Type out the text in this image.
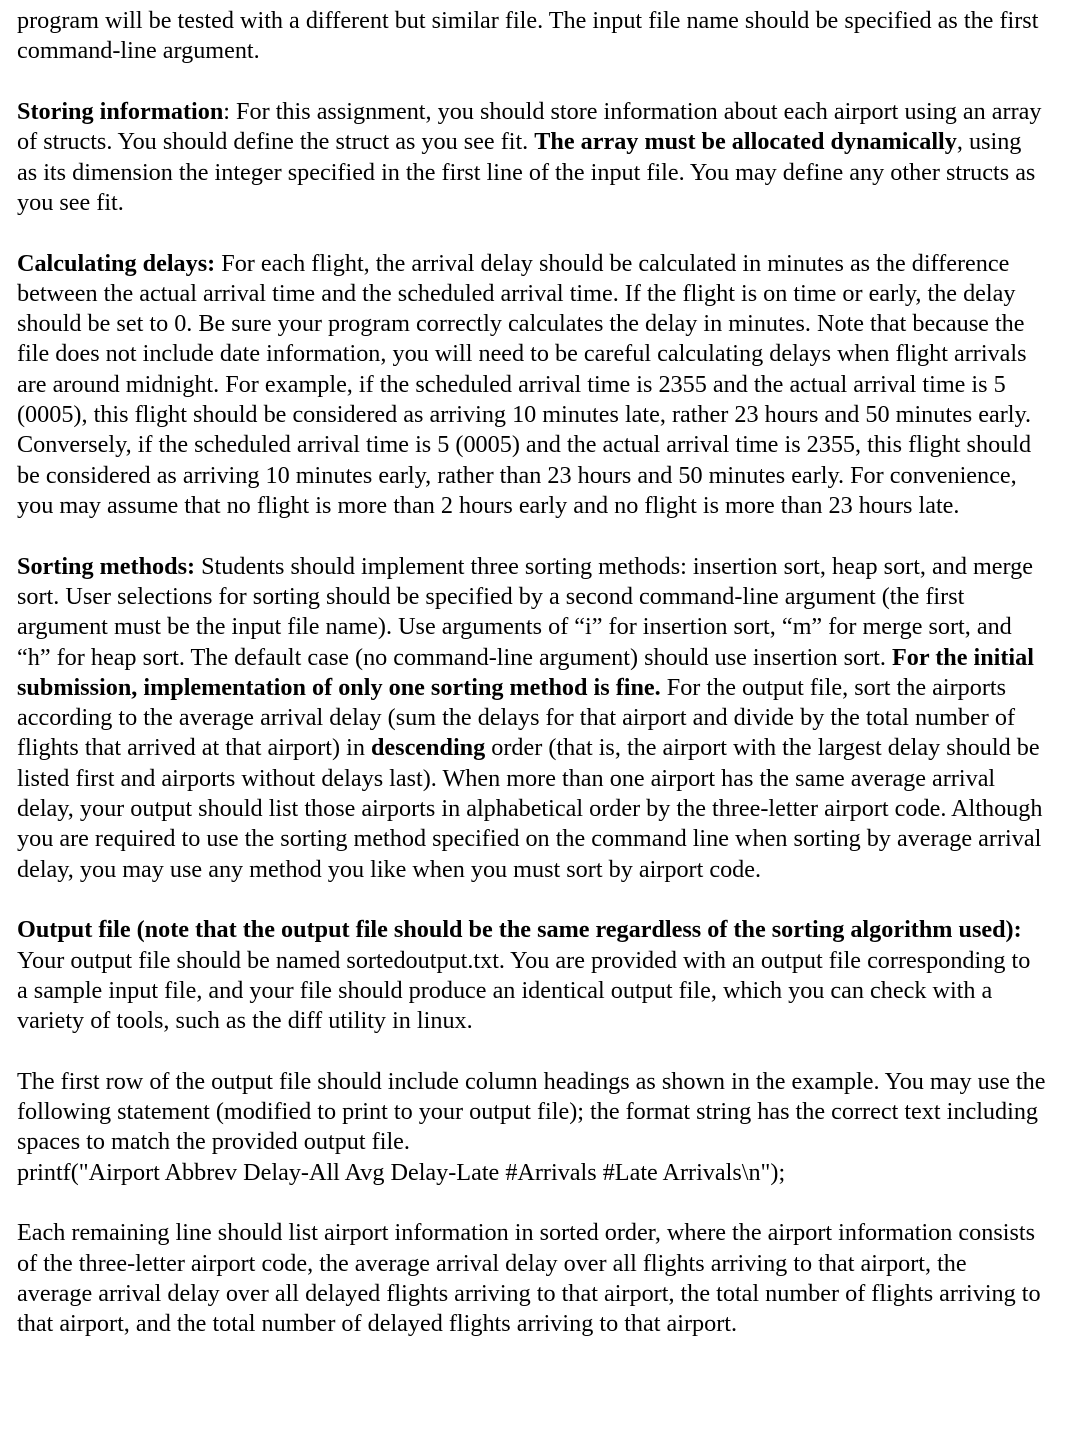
program will be tested with a different but similar file. The input file name should be specified as the first command-line argument.

Storing information: For this assignment, you should store information about each airport using an array of structs. You should define the struct as you see fit. The array must be allocated dynamically, using as its dimension the integer specified in the first line of the input file. You may define any other structs as you see fit.

Calculating delays: For each flight, the arrival delay should be calculated in minutes as the difference between the actual arrival time and the scheduled arrival time. If the flight is on time or early, the delay should be set to 0. Be sure your program correctly calculates the delay in minutes. Note that because the file does not include date information, you will need to be careful calculating delays when flight arrivals are around midnight. For example, if the scheduled arrival time is 2355 and the actual arrival time is 5 (0005), this flight should be considered as arriving 10 minutes late, rather 23 hours and 50 minutes early. Conversely, if the scheduled arrival time is 5 (0005) and the actual arrival time is 2355, this flight should be considered as arriving 10 minutes early, rather than 23 hours and 50 minutes early. For convenience, you may assume that no flight is more than 2 hours early and no flight is more than 23 hours late.

Sorting methods: Students should implement three sorting methods: insertion sort, heap sort, and merge sort. User selections for sorting should be specified by a second command-line argument (the first argument must be the input file name). Use arguments of “i” for insertion sort, “m” for merge sort, and “h” for heap sort. The default case (no command-line argument) should use insertion sort. For the initial submission, implementation of only one sorting method is fine. For the output file, sort the airports according to the average arrival delay (sum the delays for that airport and divide by the total number of flights that arrived at that airport) in descending order (that is, the airport with the largest delay should be listed first and airports without delays last). When more than one airport has the same average arrival delay, your output should list those airports in alphabetical order by the three-letter airport code. Although you are required to use the sorting method specified on the command line when sorting by average arrival delay, you may use any method you like when you must sort by airport code.

Output file (note that the output file should be the same regardless of the sorting algorithm used):
Your output file should be named sortedoutput.txt. You are provided with an output file corresponding to a sample input file, and your file should produce an identical output file, which you can check with a variety of tools, such as the diff utility in linux.
The first row of the output file should include column headings as shown in the example. You may use the following statement (modified to print to your output file); the format string has the correct text including spaces to match the provided output file.
printf("Airport Abbrev Delay-All Avg Delay-Late #Arrivals #Late Arrivals\n");

Each remaining line should list airport information in sorted order, where the airport information consists of the three-letter airport code, the average arrival delay over all flights arriving to that airport, the average arrival delay over all delayed flights arriving to that airport, the total number of flights arriving to that airport, and the total number of delayed flights arriving to that airport.
